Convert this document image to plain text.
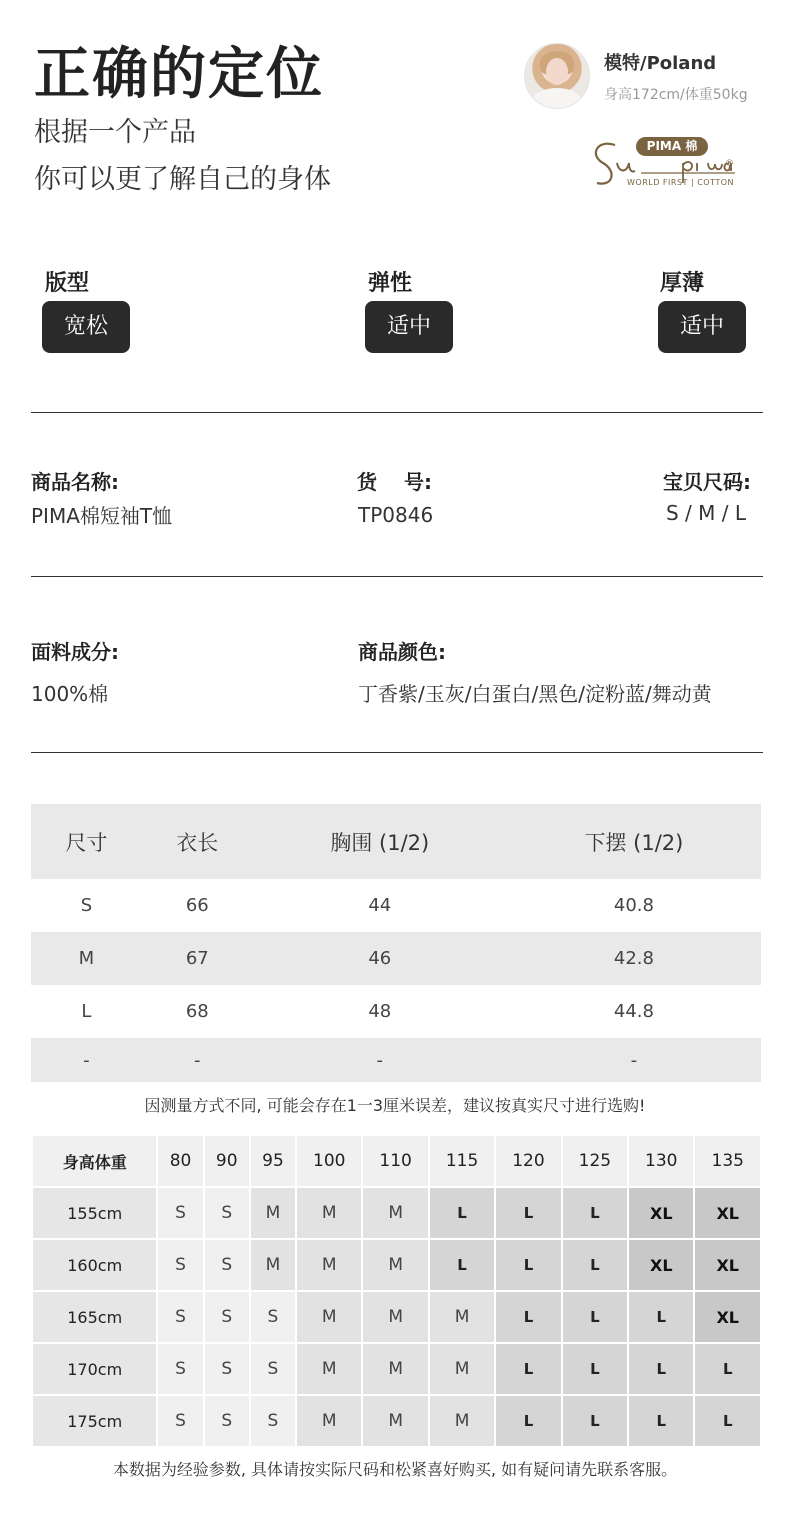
正确的定位
根据一个产品
你可以更了解自己的身体
模特/Poland
身高172cm/体重50kg
®
PIMA 棉
WORLD FIRST | COTTON
版型
宽松
弹性
适中
厚薄
适中
商品名称:
PIMA棉短袖T恤
货　 号:
TP0846
宝贝尺码:
S / M / L
面料成分:
100%棉
商品颜色:
丁香紫/玉灰/白蛋白/黑色/淀粉蓝/舞动黄
尺寸	衣长	胸围 (1/2)	下摆 (1/2)
S	66	44	40.8
M	67	46	42.8
L	68	48	44.8
-	-	-	-
因测量方式不同, 可能会存在1一3厘米误差，建议按真实尺寸进行选购!
身高体重	80	90	95	100	110	115	120	125	130	135
155cm	S	S	M	M	M	L	L	L	XL	XL
160cm	S	S	M	M	M	L	L	L	XL	XL
165cm	S	S	S	M	M	M	L	L	L	XL
170cm	S	S	S	M	M	M	L	L	L	L
175cm	S	S	S	M	M	M	L	L	L	L
本数据为经验参数, 具体请按实际尺码和松紧喜好购买, 如有疑问请先联系客服。
